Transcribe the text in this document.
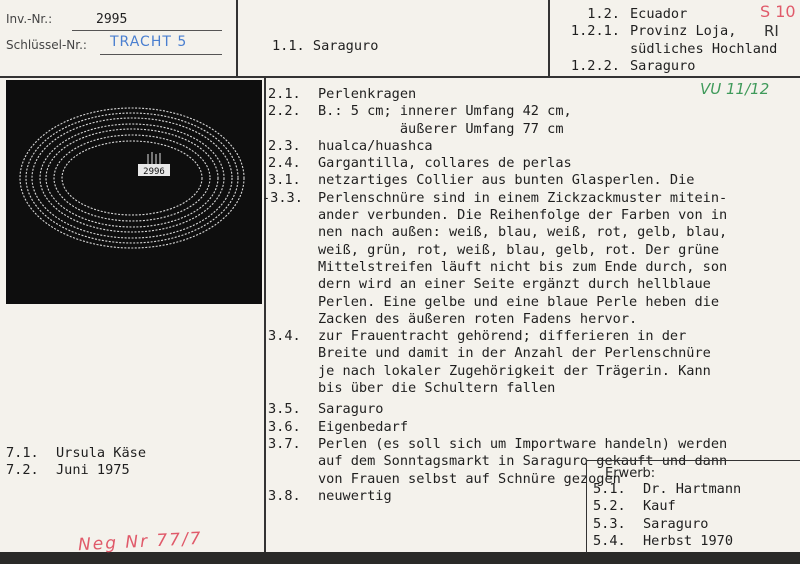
Inv.-Nr.:	2995
Schlüssel-Nr.: TRACHT 5	1.1. Saraguro
1.2. Ecuador
1.2.1. Provinz Loja,
südliches Hochland
1.2.2. Saraguro
S 10
RI
VU 11/12
2996
2.1.	Perlenkragen
2.2.	B.: 5 cm; innerer Umfang 42 cm,
äußerer Umfang 77 cm
2.3.	hualca/huashca
2.4.	Gargantilla, collares de perlas
3.1.	netzartiges Collier aus bunten Glasperlen. Die
-3.3.	Perlenschnüre sind in einem Zickzackmuster mitein-
ander verbunden. Die Reihenfolge der Farben von in
nen nach außen: weiß, blau, weiß, rot, gelb, blau,
weiß, grün, rot, weiß, blau, gelb, rot. Der grüne
Mittelstreifen läuft nicht bis zum Ende durch, son
dern wird an einer Seite ergänzt durch hellblaue
Perlen. Eine gelbe und eine blaue Perle heben die
Zacken des äußeren roten Fadens hervor.
3.4.	zur Frauentracht gehörend; differieren in der
Breite und damit in der Anzahl der Perlenschnüre
je nach lokaler Zugehörigkeit der Trägerin. Kann
bis über die Schultern fallen
3.5.	Saraguro
3.6.	Eigenbedarf
3.7.	Perlen (es soll sich um Importware handeln) werden
auf dem Sonntagsmarkt in Saraguro gekauft und dann
von Frauen selbst auf Schnüre gezogen
3.8.	neuwertig
7.1.	Ursula Käse
7.2.	Juni 1975	Erwerb:
5.1.	Dr. Hartmann
5.2.	Kauf
5.3.	Saraguro
5.4.	Herbst 1970
Neg Nr 77/7
